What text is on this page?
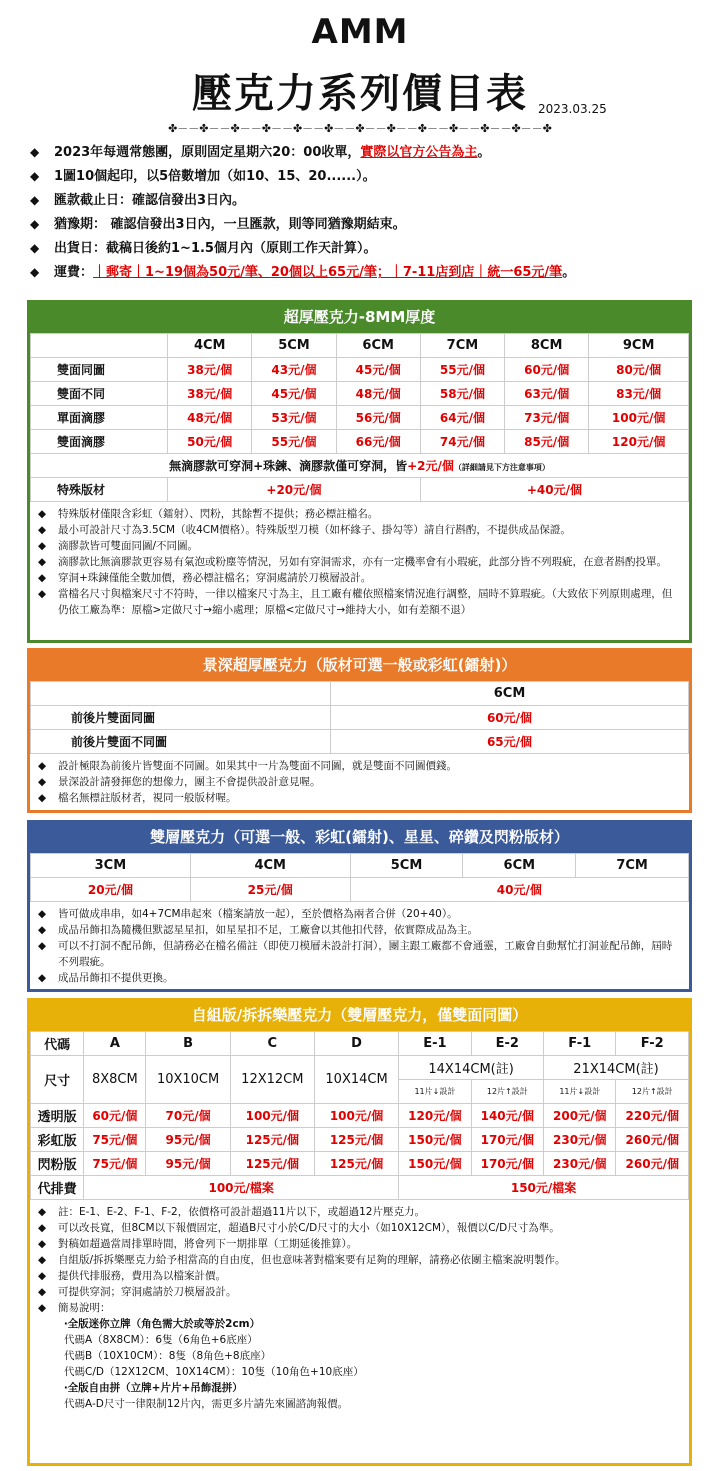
AMM
壓克力系列價目表 2023.03.25
✤－－✤－－✤－－✤－－✤－－✤－－✤－－✤－－✤－－✤－－✤－－✤－－✤
◆ 2023年每週常態團，原則固定星期六20：00收單，實際以官方公告為主。
◆ 1圖10個起印，以5倍數增加（如10、15、20......）。
◆ 匯款截止日：確認信發出3日內。
◆ 猶豫期： 確認信發出3日內，一旦匯款，則等同猶豫期結束。
◆ 出貨日：截稿日後約1~1.5個月內（原則工作天計算）。
◆ 運費：｜郵寄｜1~19個為50元/筆、20個以上65元/筆；｜7-11店到店｜統一65元/筆。
超厚壓克力-8MM厚度
	4CM	5CM	6CM	7CM	8CM	9CM
雙面同圖	38元/個	43元/個	45元/個	55元/個	60元/個	80元/個
雙面不同	38元/個	45元/個	48元/個	58元/個	63元/個	83元/個
單面滴膠	48元/個	53元/個	56元/個	64元/個	73元/個	100元/個
雙面滴膠	50元/個	55元/個	66元/個	74元/個	85元/個	120元/個
無滴膠款可穿洞+珠鍊、滴膠款僅可穿洞，皆+2元/個（詳細請見下方注意事項）						
特殊版材	+20元/個			+40元/個		
◆ 特殊版材僅限含彩虹（鐳射）、閃粉，其餘暫不提供；務必標註檔名。
◆ 最小可設計尺寸為3.5CM（收4CM價格）。特殊版型刀模（如杯緣子、掛勾等）請自行斟酌，不提供成品保證。
◆ 滴膠款皆可雙面同圖/不同圖。
◆ 滴膠款比無滴膠款更容易有氣泡或粉塵等情況，另如有穿洞需求，亦有一定機率會有小瑕疵，此部分皆不列瑕疵，在意者斟酌投單。
◆ 穿洞+珠鍊僅能全數加價，務必標註檔名；穿洞處請於刀模層設計。
◆ 當檔名尺寸與檔案尺寸不符時，一律以檔案尺寸為主，且工廠有權依照檔案情況進行調整，屆時不算瑕疵。（大致依下列原則處理，但仍依工廠為準：原檔>定做尺寸→縮小處理；原檔<定做尺寸→維持大小，如有差額不退）
景深超厚壓克力（版材可選一般或彩虹(鐳射)）
	6CM
前後片雙面同圖	60元/個
前後片雙面不同圖	65元/個
◆ 設計極限為前後片皆雙面不同圖。如果其中一片為雙面不同圖，就是雙面不同圖價錢。
◆ 景深設計請發揮您的想像力，團主不會提供設計意見喔。
◆ 檔名無標註版材者，視同一般版材喔。
雙層壓克力（可選一般、彩虹(鐳射)、星星、碎鑽及閃粉版材）
3CM	4CM	5CM	6CM	7CM
20元/個	25元/個	40元/個		
◆ 皆可做成串串，如4+7CM串起來（檔案請放一起），至於價格為兩者合併（20+40）。
◆ 成品吊飾扣為隨機但默認星星扣，如星星扣不足，工廠會以其他扣代替，依實際成品為主。
◆ 可以不打洞不配吊飾，但請務必在檔名備註（即使刀模層未設計打洞），團主跟工廠都不會通靈，工廠會自動幫忙打洞並配吊飾，屆時不列瑕疵。
◆ 成品吊飾扣不提供更換。
自組版/拆拆樂壓克力（雙層壓克力，僅雙面同圖）
代碼	A	B	C	D	E-1	E-2	F-1	F-2
尺寸	8X8CM	10X10CM	12X12CM	10X14CM	14X14CM(註)		21X14CM(註)	
					11片↓設計	12片↑設計	11片↓設計	12片↑設計
透明版	60元/個	70元/個	100元/個	100元/個	120元/個	140元/個	200元/個	220元/個
彩虹版	75元/個	95元/個	125元/個	125元/個	150元/個	170元/個	230元/個	260元/個
閃粉版	75元/個	95元/個	125元/個	125元/個	150元/個	170元/個	230元/個	260元/個
代排費	100元/檔案				150元/檔案			
◆ 註：E-1、E-2、F-1、F-2，依價格可設計超過11片以下，或超過12片壓克力。
◆ 可以改長寬，但8CM以下報價固定，超過B尺寸小於C/D尺寸的大小（如10X12CM），報價以C/D尺寸為準。
◆ 對稿如超過當周排單時間，將會列下一期排單（工期延後推算）。
◆ 自組版/拆拆樂壓克力給予相當高的自由度，但也意味著對檔案要有足夠的理解，請務必依團主檔案說明製作。
◆ 提供代排服務，費用為以檔案計價。
◆ 可提供穿洞；穿洞處請於刀模層設計。
◆ 簡易說明：
‧全版迷你立牌（角色需大於或等於2cm）
代碼A（8X8CM）：6隻（6角色+6底座）
代碼B（10X10CM）：8隻（8角色+8底座）
代碼C/D（12X12CM、10X14CM）：10隻（10角色+10底座）
‧全版自由拼（立牌+片片+吊飾混拼）
代碼A-D尺寸一律限制12片內，需更多片請先來圖諮詢報價。
